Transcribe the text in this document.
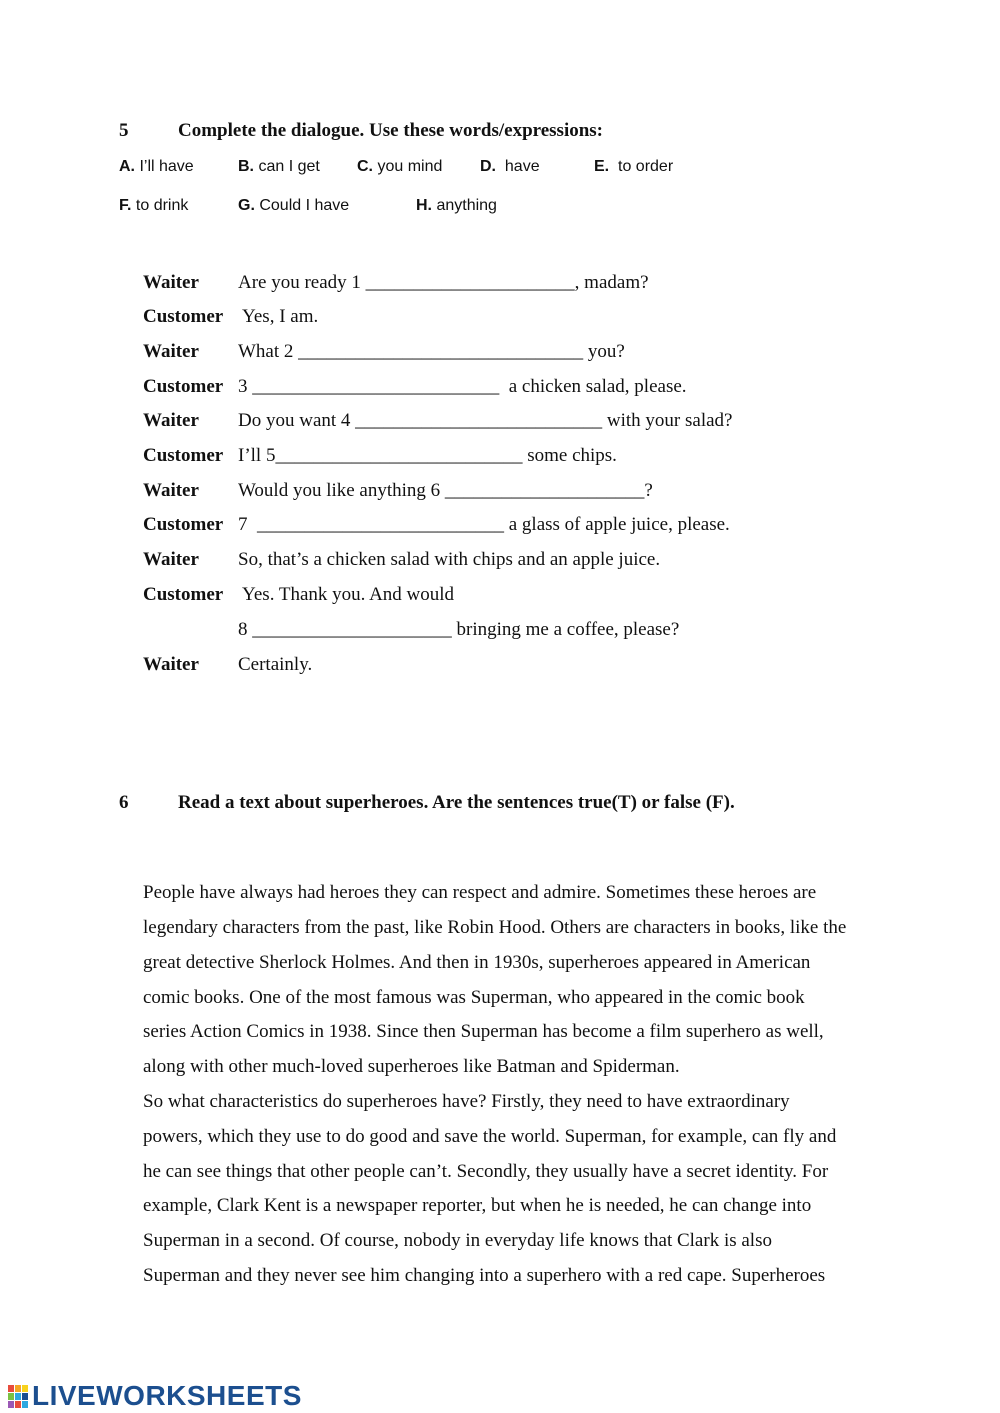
5	Complete the dialogue. Use these words/expressions:
A. I’ll have	B. can I get C. you mind D.  have	E.  to order
F. to drink	G. Could I have	H. anything
Waiter Are you ready 1 ______________________, madam?
Customer Yes, I am.
Waiter What 2 ______________________________ you?
Customer 3 __________________________  a chicken salad, please.
Waiter Do you want 4 __________________________ with your salad?
Customer I’ll 5__________________________ some chips.
Waiter Would you like anything 6 _____________________?
Customer 7  __________________________ a glass of apple juice, please.
Waiter So, that’s a chicken salad with chips and an apple juice.
Customer Yes. Thank you. And would
8 _____________________ bringing me a coffee, please?
Waiter Certainly.
6	Read a text about superheroes. Are the sentences true(T) or false (F).
People have always had heroes they can respect and admire. Sometimes these heroes are
legendary characters from the past, like Robin Hood. Others are characters in books, like the
great detective Sherlock Holmes. And then in 1930s, superheroes appeared in American
comic books. One of the most famous was Superman, who appeared in the comic book
series Action Comics in 1938. Since then Superman has become a film superhero as well,
along with other much-loved superheroes like Batman and Spiderman.
So what characteristics do superheroes have? Firstly, they need to have extraordinary
powers, which they use to do good and save the world. Superman, for example, can fly and
he can see things that other people can’t. Secondly, they usually have a secret identity. For
example, Clark Kent is a newspaper reporter, but when he is needed, he can change into
Superman in a second. Of course, nobody in everyday life knows that Clark is also
Superman and they never see him changing into a superhero with a red cape. Superheroes
LIVEWORKSHEETS
